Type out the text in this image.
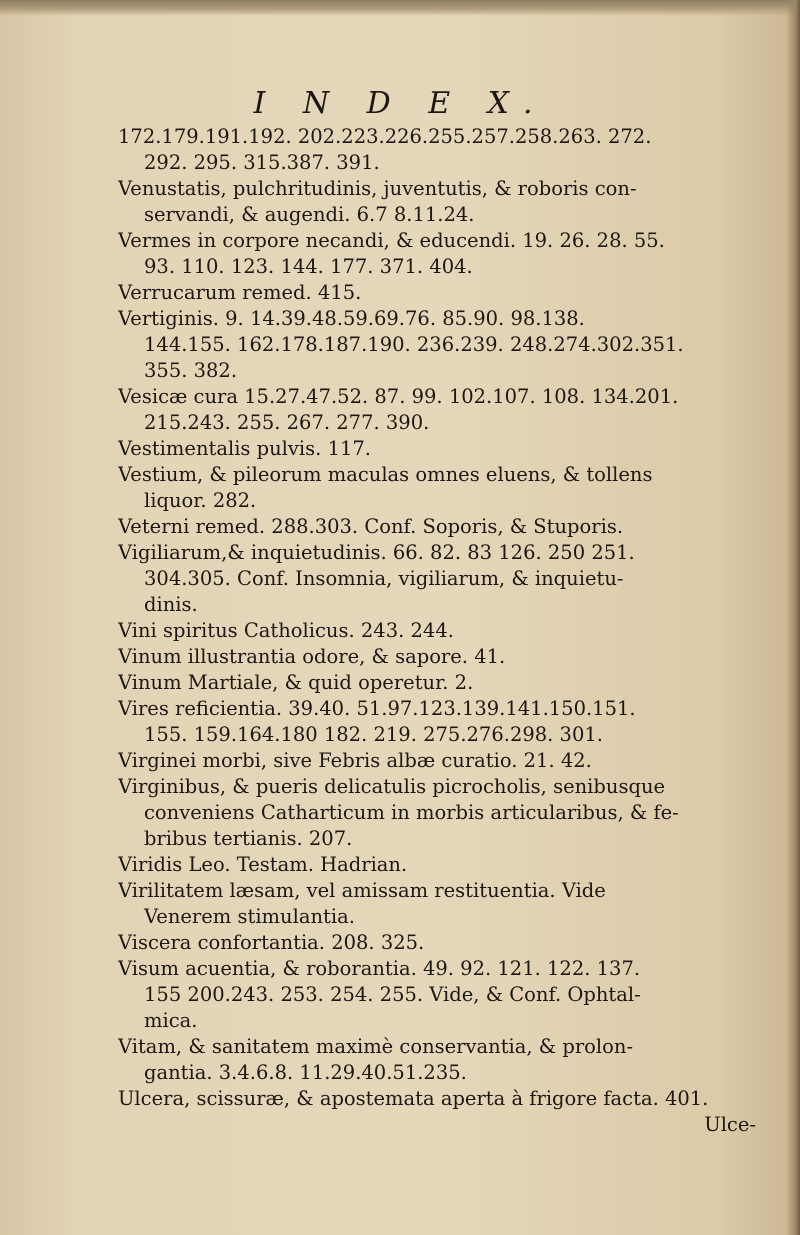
I N D E X.
172.179.191.192. 202.223.226.255.257.258.263. 272.
292. 295. 315.387. 391.
Venustatis, pulchritudinis, juventutis, & roboris con-
servandi, & augendi. 6.7 8.11.24.
Vermes in corpore necandi, & educendi. 19. 26. 28. 55.
93. 110. 123. 144. 177. 371. 404.
Verrucarum remed. 415.
Vertiginis. 9. 14.39.48.59.69.76. 85.90. 98.138.
144.155. 162.178.187.190. 236.239. 248.274.302.351.
355. 382.
Vesicæ cura 15.27.47.52. 87. 99. 102.107. 108. 134.201.
215.243. 255. 267. 277. 390.
Vestimentalis pulvis. 117.
Vestium, & pileorum maculas omnes eluens, & tollens
liquor. 282.
Veterni remed. 288.303. Conf. Soporis, & Stuporis.
Vigiliarum,& inquietudinis. 66. 82. 83 126. 250 251.
304.305. Conf. Insomnia, vigiliarum, & inquietu-
dinis.
Vini spiritus Catholicus. 243. 244.
Vinum illustrantia odore, & sapore. 41.
Vinum Martiale, & quid operetur. 2.
Vires reficientia. 39.40. 51.97.123.139.141.150.151.
155. 159.164.180 182. 219. 275.276.298. 301.
Virginei morbi, sive Febris albæ curatio. 21. 42.
Virginibus, & pueris delicatulis picrocholis, senibusque
conveniens Catharticum in morbis articularibus, & fe-
bribus tertianis. 207.
Viridis Leo. Testam. Hadrian.
Virilitatem læsam, vel amissam restituentia. Vide
Venerem stimulantia.
Viscera confortantia. 208. 325.
Visum acuentia, & roborantia. 49. 92. 121. 122. 137.
155 200.243. 253. 254. 255. Vide, & Conf. Ophtal-
mica.
Vitam, & sanitatem maximè conservantia, & prolon-
gantia. 3.4.6.8. 11.29.40.51.235.
Ulcera, scissuræ, & apostemata aperta à frigore facta. 401.
Ulce-
